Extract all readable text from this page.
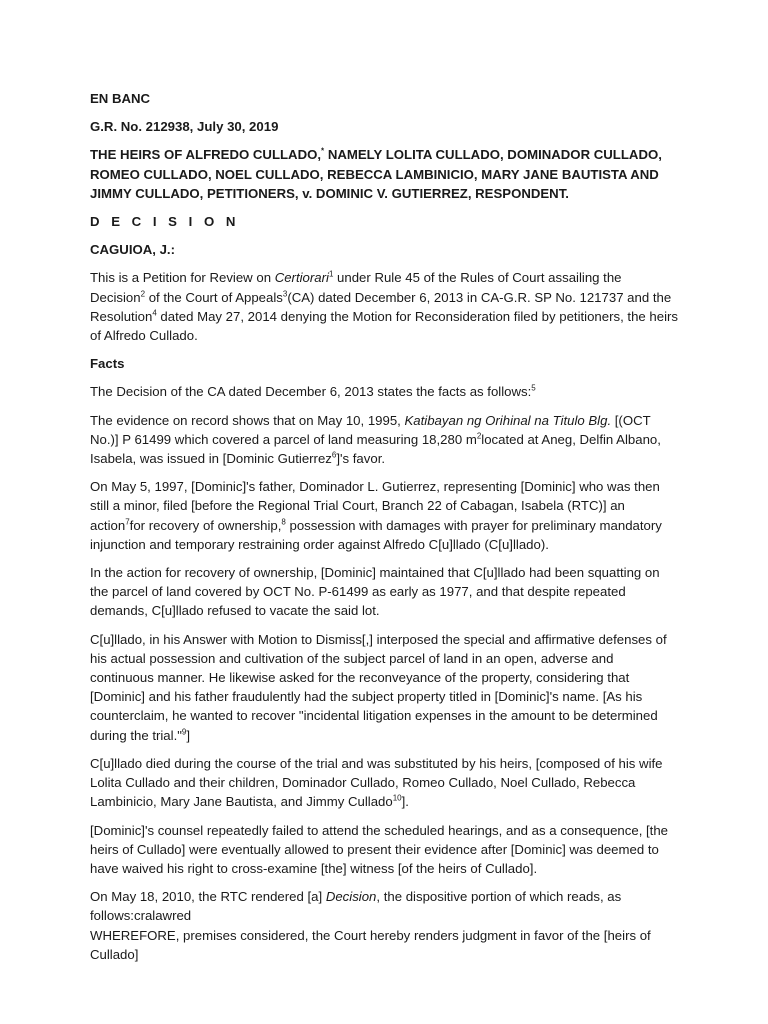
EN BANC

G.R. No. 212938, July 30, 2019

THE HEIRS OF ALFREDO CULLADO,* NAMELY LOLITA CULLADO, DOMINADOR CULLADO, ROMEO CULLADO, NOEL CULLADO, REBECCA LAMBINICIO, MARY JANE BAUTISTA AND JIMMY CULLADO, PETITIONERS, v. DOMINIC V. GUTIERREZ, RESPONDENT.

D E C I S I O N

CAGUIOA, J.:

This is a Petition for Review on Certiorari$^1$ under Rule 45 of the Rules of Court assailing the Decision$^2$ of the Court of Appeals$^3$(CA) dated December 6, 2013 in CA-G.R. SP No. 121737 and the Resolution$^4$ dated May 27, 2014 denying the Motion for Reconsideration filed by petitioners, the heirs of Alfredo Cullado.

Facts

The Decision of the CA dated December 6, 2013 states the facts as follows:$^5$

The evidence on record shows that on May 10, 1995, Katibayan ng Orihinal na Titulo Blg. [(OCT No.)] P 61499 which covered a parcel of land measuring 18,280 $m^2located$ at Aneg, Delfin Albano, Isabela, was issued in [Dominic Gutierrez$^6$]'s favor.

On May 5, 1997, [Dominic]'s father, Dominador L. Gutierrez, representing [Dominic] who was then still a minor, filed [before the Regional Trial Court, Branch 22 of Cabagan, Isabela (RTC)] an action$^7$for recovery of ownership,$^8$ possession with damages with prayer for preliminary mandatory injunction and temporary restraining order against Alfredo C[u]llado (C[u]llado).

In the action for recovery of ownership, [Dominic] maintained that C[u]llado had been squatting on the parcel of land covered by OCT No. P-61499 as early as 1977, and that despite repeated demands, C[u]llado refused to vacate the said lot.

C[u]llado, in his Answer with Motion to Dismiss[,] interposed the special and affirmative defenses of his actual possession and cultivation of the subject parcel of land in an open, adverse and continuous manner. He likewise asked for the reconveyance of the property, considering that [Dominic] and his father fraudulently had the subject property titled in [Dominic]'s name. [As his counterclaim, he wanted to recover "incidental litigation expenses in the amount to be determined during the trial."$^9$]

C[u]llado died during the course of the trial and was substituted by his heirs, [composed of his wife Lolita Cullado and their children, Dominador Cullado, Romeo Cullado, Noel Cullado, Rebecca Lambinicio, Mary Jane Bautista, and Jimmy Cullado$^{10}$].

[Dominic]'s counsel repeatedly failed to attend the scheduled hearings, and as a consequence, [the heirs of Cullado] were eventually allowed to present their evidence after [Dominic] was deemed to have waived his right to cross-examine [the] witness [of the heirs of Cullado].

On May 18, 2010, the RTC rendered [a] Decision, the dispositive portion of which reads, as follows:cralawred
WHEREFORE, premises considered, the Court hereby renders judgment in favor of the [heirs of Cullado]
